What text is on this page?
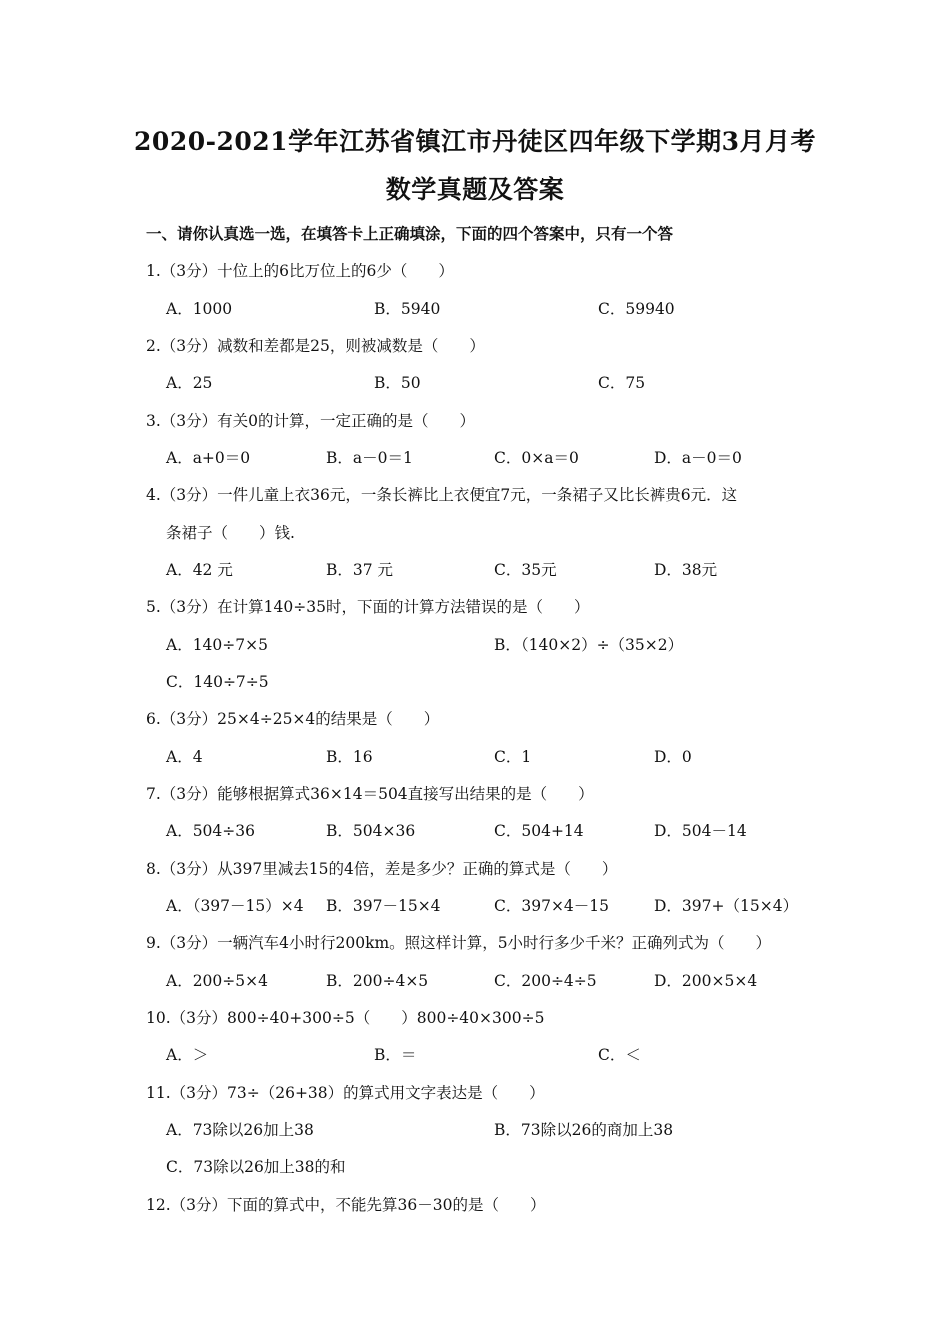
2020-2021学年江苏省镇江市丹徒区四年级下学期3月月考
数学真题及答案
一、请你认真选一选，在填答卡上正确填涂，下面的四个答案中，只有一个答
1.（3分）十位上的6比万位上的6少（　　）
A．1000	B．5940	C．59940
2.（3分）减数和差都是25，则被减数是（　　）
A．25	B．50	C．75
3.（3分）有关0的计算，一定正确的是（　　）
A．a+0＝0	B．a－0＝1	C．0×a＝0	D．a－0＝0
4.（3分）一件儿童上衣36元，一条长裤比上衣便宜7元，一条裙子又比长裤贵6元．这
条裙子（　　）钱.
A．42 元	B．37 元	C．35元	D．38元
5.（3分）在计算140÷35时，下面的计算方法错误的是（　　）
A．140÷7×5	B．（140×2）÷（35×2）
C．140÷7÷5
6.（3分）25×4÷25×4的结果是（　　）
A．4	B．16	C．1	D．0
7.（3分）能够根据算式36×14＝504直接写出结果的是（　　）
A．504÷36	B．504×36	C．504+14	D．504－14
8.（3分）从397里减去15的4倍，差是多少？正确的算式是（　　）
A．（397－15）×4 B．397－15×4	C．397×4－15	D．397+（15×4）
9.（3分）一辆汽车4小时行200km。照这样计算，5小时行多少千米？正确列式为（　　）
A．200÷5×4	B．200÷4×5	C．200÷4÷5	D．200×5×4
10.（3分）800÷40+300÷5（　　）800÷40×300÷5
A．＞	B．＝	C．＜
11.（3分）73÷（26+38）的算式用文字表达是（　　）
A．73除以26加上38	B．73除以26的商加上38
C．73除以26加上38的和
12.（3分）下面的算式中，不能先算36－30的是（　　）
